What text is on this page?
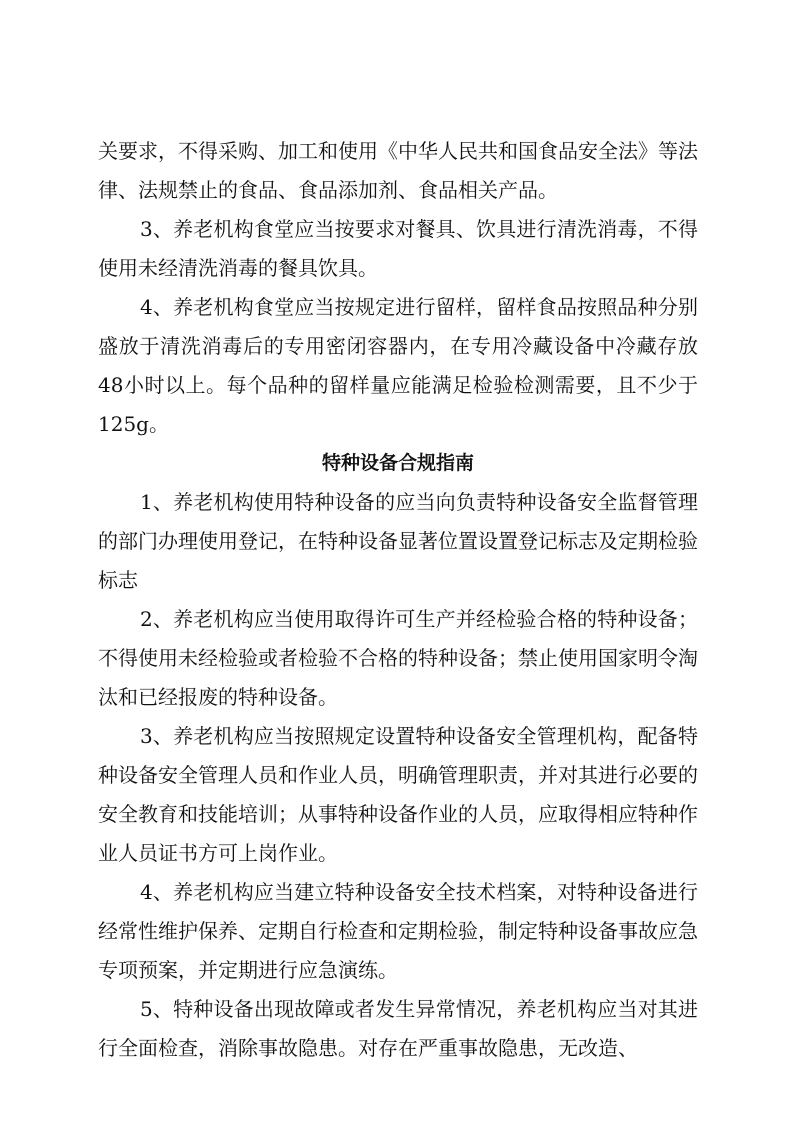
关要求，不得采购、加工和使用《中华人民共和国食品安全法》等法律、法规禁止的食品、食品添加剂、食品相关产品。

3、养老机构食堂应当按要求对餐具、饮具进行清洗消毒，不得使用未经清洗消毒的餐具饮具。

4、养老机构食堂应当按规定进行留样，留样食品按照品种分别盛放于清洗消毒后的专用密闭容器内，在专用冷藏设备中冷藏存放48小时以上。每个品种的留样量应能满足检验检测需要，且不少于125g。

特种设备合规指南

1、养老机构使用特种设备的应当向负责特种设备安全监督管理的部门办理使用登记，在特种设备显著位置设置登记标志及定期检验标志

2、养老机构应当使用取得许可生产并经检验合格的特种设备；不得使用未经检验或者检验不合格的特种设备；禁止使用国家明令淘汰和已经报废的特种设备。

3、养老机构应当按照规定设置特种设备安全管理机构，配备特种设备安全管理人员和作业人员，明确管理职责，并对其进行必要的安全教育和技能培训；从事特种设备作业的人员，应取得相应特种作业人员证书方可上岗作业。

4、养老机构应当建立特种设备安全技术档案，对特种设备进行经常性维护保养、定期自行检查和定期检验，制定特种设备事故应急专项预案，并定期进行应急演练。

5、特种设备出现故障或者发生异常情况，养老机构应当对其进行全面检查，消除事故隐患。对存在严重事故隐患，无改造、
